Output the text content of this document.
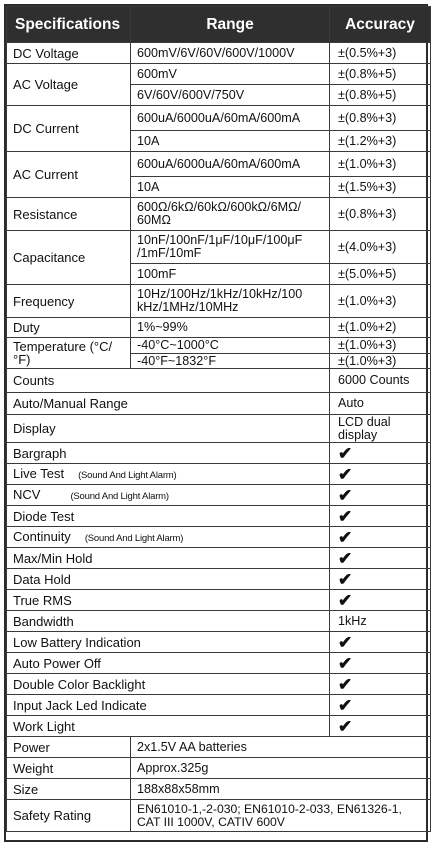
Specifications	Range	Accuracy
DC Voltage	600mV/6V/60V/600V/1000V	±(0.5%+3)
AC Voltage	600mV	±(0.8%+5)
	6V/60V/600V/750V	±(0.8%+5)
DC Current	600uA/6000uA/60mA/600mA	±(0.8%+3)
	10A	±(1.2%+3)
AC Current	600uA/6000uA/60mA/600mA	±(1.0%+3)
	10A	±(1.5%+3)
Resistance	600Ω/6kΩ/60kΩ/600kΩ/6MΩ/ 60MΩ	±(0.8%+3)
Capacitance	10nF/100nF/1μF/10μF/100μF /1mF/10mF	±(4.0%+3)
	100mF	±(5.0%+5)
Frequency	10Hz/100Hz/1kHz/10kHz/100 kHz/1MHz/10MHz	±(1.0%+3)
Duty	1%~99%	±(1.0%+2)
Temperature (°C/°F)	-40°C~1000°C	±(1.0%+3)
	-40°F~1832°F	±(1.0%+3)
Counts		6000 Counts
Auto/Manual Range		Auto
Display		LCD dual display
Bargraph		✔
Live Test (Sound And Light Alarm)		✔
NCV (Sound And Light Alarm)		✔
Diode Test		✔
Continuity (Sound And Light Alarm)		✔
Max/Min Hold		✔
Data Hold		✔
True RMS		✔
Bandwidth		1kHz
Low Battery Indication		✔
Auto Power Off		✔
Double Color Backlight		✔
Input Jack Led Indicate		✔
Work Light		✔
Power	2x1.5V AA batteries	
Weight	Approx.325g	
Size	188x88x58mm	
Safety Rating	EN61010-1,-2-030; EN61010-2-033, EN61326-1, CAT III 1000V, CATIV 600V	
